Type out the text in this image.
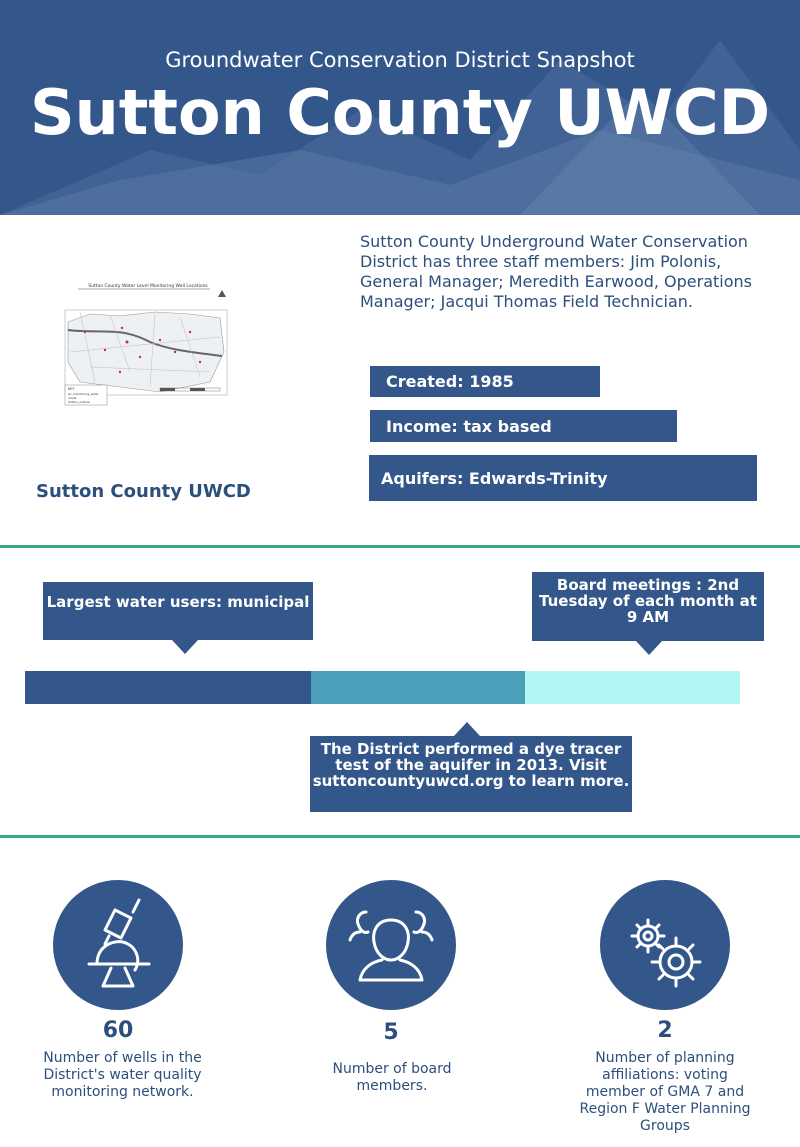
Groundwater Conservation District Snapshot
Sutton County UWCD
Sutton County Water Level Monitoring Well Locations
KEY
wl_monitoring_wells
roads
Sutton_outline
Sutton County UWCD
Sutton County Underground Water Conservation District has three staff members: Jim Polonis, General Manager; Meredith Earwood, Operations Manager; Jacqui Thomas Field Technician.
Created: 1985
Income: tax based
Aquifers: Edwards-Trinity
Largest water users: municipal
Board meetings : 2nd Tuesday of each month at 9 AM
The District performed a dye tracer test of the aquifer in 2013. Visit suttoncountyuwcd.org to learn more.
60
Number of wells in the District's water quality monitoring network.
5
Number of board members.
2
Number of planning affiliations: voting member of GMA 7 and Region F Water Planning Groups
